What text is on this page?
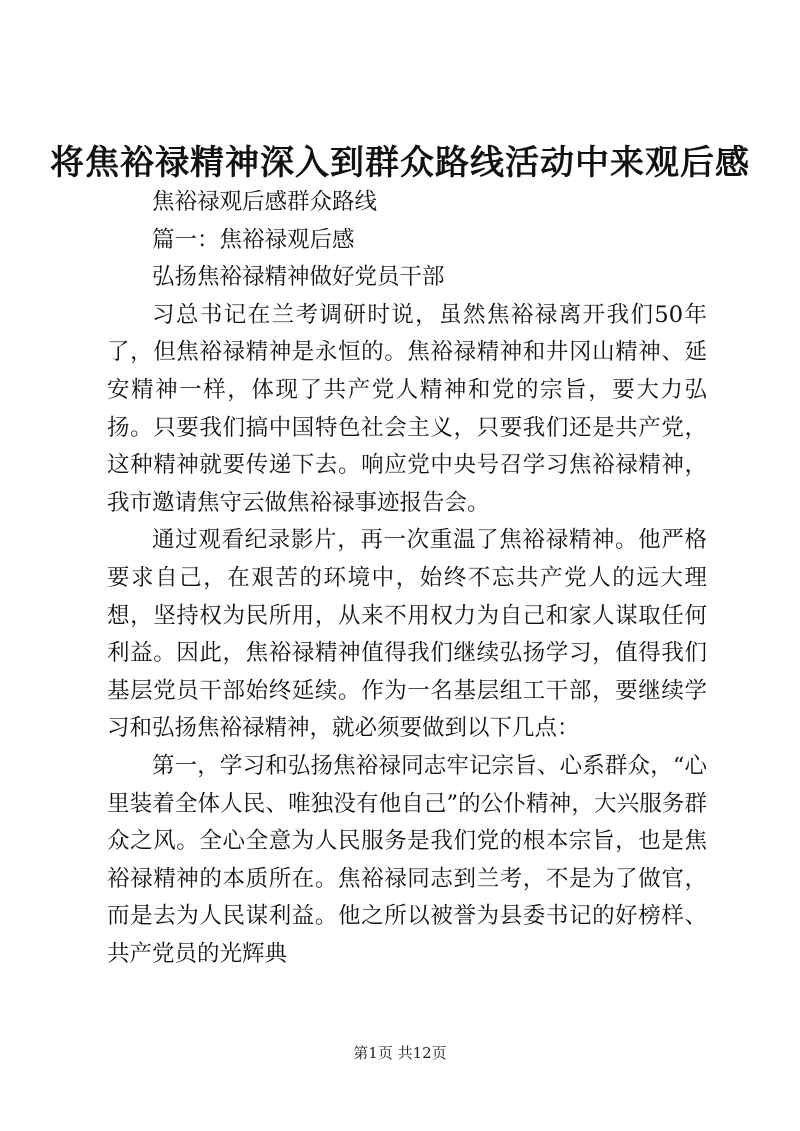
将焦裕禄精神深入到群众路线活动中来观后感

焦裕禄观后感群众路线

篇一：焦裕禄观后感

弘扬焦裕禄精神做好党员干部

习总书记在兰考调研时说，虽然焦裕禄离开我们50年了，但焦裕禄精神是永恒的。焦裕禄精神和井冈山精神、延安精神一样，体现了共产党人精神和党的宗旨，要大力弘扬。只要我们搞中国特色社会主义，只要我们还是共产党，这种精神就要传递下去。响应党中央号召学习焦裕禄精神，我市邀请焦守云做焦裕禄事迹报告会。

通过观看纪录影片，再一次重温了焦裕禄精神。他严格要求自己，在艰苦的环境中，始终不忘共产党人的远大理想，坚持权为民所用，从来不用权力为自己和家人谋取任何利益。因此，焦裕禄精神值得我们继续弘扬学习，值得我们基层党员干部始终延续。作为一名基层组工干部，要继续学习和弘扬焦裕禄精神，就必须要做到以下几点：

第一，学习和弘扬焦裕禄同志牢记宗旨、心系群众，“心里装着全体人民、唯独没有他自己”的公仆精神，大兴服务群众之风。全心全意为人民服务是我们党的根本宗旨，也是焦裕禄精神的本质所在。焦裕禄同志到兰考，不是为了做官，而是去为人民谋利益。他之所以被誉为县委书记的好榜样、共产党员的光辉典

第1页 共12页
